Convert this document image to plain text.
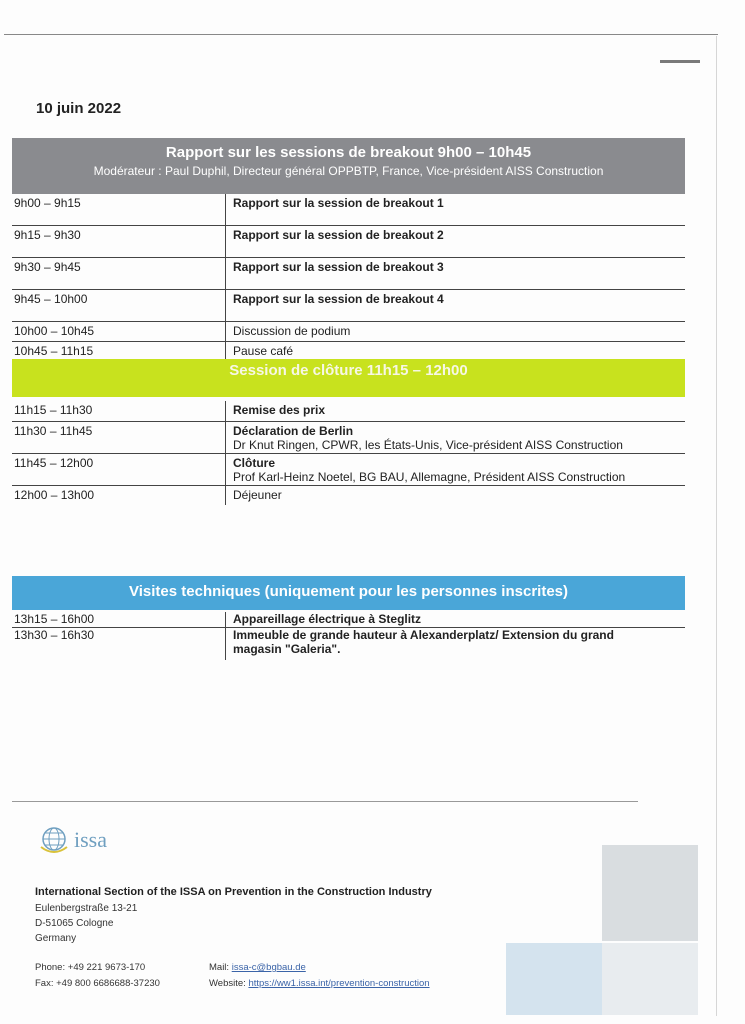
10 juin 2022
Rapport sur les sessions de breakout 9h00 – 10h45
Modérateur : Paul Duphil, Directeur général OPPBTP, France, Vice-président AISS Construction
9h00 – 9h15	Rapport sur la session de breakout 1
9h15 – 9h30	Rapport sur la session de breakout 2
9h30 – 9h45	Rapport sur la session de breakout 3
9h45 – 10h00	Rapport sur la session de breakout 4
10h00 – 10h45	Discussion de podium
10h45 – 11h15	Pause café
Session de clôture 11h15 – 12h00
11h15 – 11h30	Remise des prix
11h30 – 11h45	Déclaration de Berlin
Dr Knut Ringen, CPWR, les États-Unis, Vice-président AISS Construction
11h45 – 12h00	Clôture
Prof Karl-Heinz Noetel, BG BAU, Allemagne, Président AISS Construction
12h00 – 13h00	Déjeuner
Visites techniques (uniquement pour les personnes inscrites)
13h15 – 16h00	Appareillage électrique à Steglitz
13h30 – 16h30	Immeuble de grande hauteur à Alexanderplatz/ Extension du grand
magasin "Galeria".
issa
International Section of the ISSA on Prevention in the Construction Industry
Eulenbergstraße 13-21
D-51065 Cologne
Germany
Phone: +49 221 9673-170
Fax: +49 800 6686688-37230
Mail: issa-c@bgbau.de
Website: https://ww1.issa.int/prevention-construction
